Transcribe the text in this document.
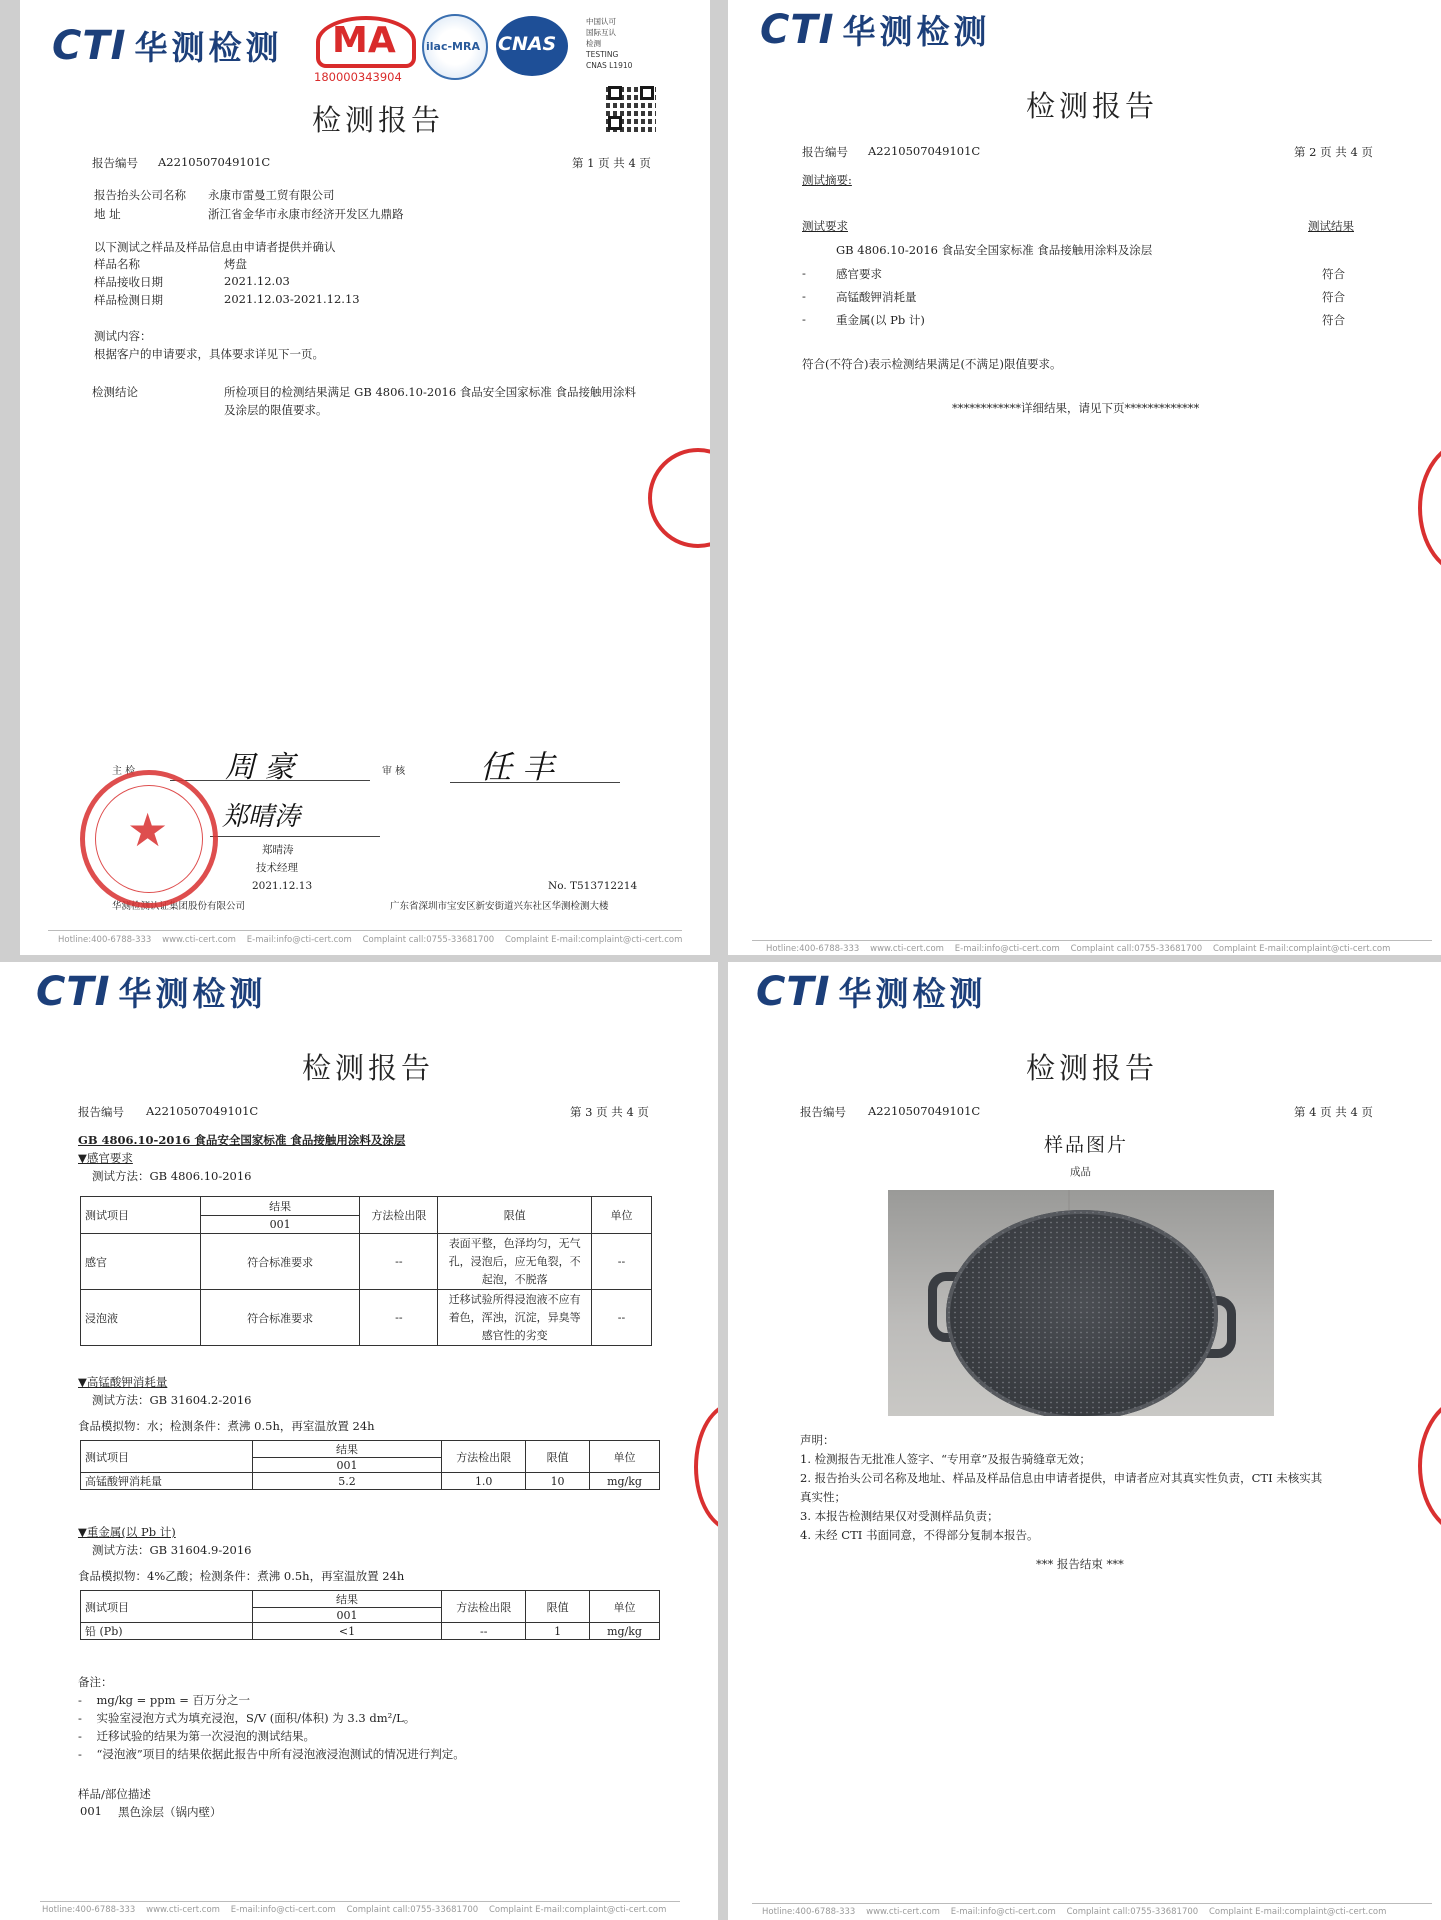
CTI 华测检测 MA
180000343904
ilac-MRA CNAS
中国认可
国际互认
检测
TESTING
CNAS L1910
检测报告
报告编号 A2210507049101C	第 1 页 共 4 页
报告抬头公司名称 永康市雷曼工贸有限公司
地 址	浙江省金华市永康市经济开发区九鼎路
以下测试之样品及样品信息由申请者提供并确认
样品名称	烤盘
样品接收日期	2021.12.03
样品检测日期	2021.12.03-2021.12.13
测试内容：
根据客户的申请要求，具体要求详见下一页。
检测结论	所检项目的检测结果满足 GB 4806.10-2016 食品安全国家标准 食品接触用涂料
及涂层的限值要求。
主 检	周 豪	审 核 任 丰
郑晴涛
郑晴涛
技术经理
2021.12.13
华测检测认证集团股份有限公司
No. T513712214
广东省深圳市宝安区新安街道兴东社区华测检测大楼
★
Hotline:400-6788-333 www.cti-cert.com E-mail:info@cti-cert.com Complaint call:0755-33681700 Complaint E-mail:complaint@cti-cert.com
CTI 华测检测
检测报告
报告编号 A2210507049101C	第 2 页 共 4 页
测试摘要:
测试要求	测试结果
GB 4806.10-2016 食品安全国家标准 食品接触用涂料及涂层
-	感官要求	符合
-	高锰酸钾消耗量	符合
-	重金属(以 Pb 计)	符合
符合(不符合)表示检测结果满足(不满足)限值要求。
************详细结果，请见下页*************
Hotline:400-6788-333 www.cti-cert.com E-mail:info@cti-cert.com Complaint call:0755-33681700 Complaint E-mail:complaint@cti-cert.com
CTI 华测检测
检测报告
报告编号 A2210507049101C	第 3 页 共 4 页
GB 4806.10-2016 食品安全国家标准 食品接触用涂料及涂层
▼感官要求
测试方法：GB 4806.10-2016
测试项目	结果	方法检出限	限值	单位
	001			
感官	符合标准要求	--	表面平整，色泽均匀，无气
孔，浸泡后，应无龟裂，不
起泡，不脱落	--
浸泡液	符合标准要求	--	迁移试验所得浸泡液不应有
着色，浑浊，沉淀，异臭等
感官性的劣变	--
▼高锰酸钾消耗量
测试方法：GB 31604.2-2016
食品模拟物：水；检测条件：煮沸 0.5h，再室温放置 24h
测试项目	结果	方法检出限	限值	单位
	001			
高锰酸钾消耗量	5.2	1.0	10	mg/kg
▼重金属(以 Pb 计)
测试方法：GB 31604.9-2016
食品模拟物：4%乙酸；检测条件：煮沸 0.5h，再室温放置 24h
测试项目	结果	方法检出限	限值	单位
	001			
铅 (Pb)	<1	--	1	mg/kg
备注：
-    mg/kg = ppm = 百万分之一
-    实验室浸泡方式为填充浸泡，S/V (面积/体积) 为 3.3 dm²/L。
-    迁移试验的结果为第一次浸泡的测试结果。
-    “浸泡液”项目的结果依据此报告中所有浸泡液浸泡测试的情况进行判定。
样品/部位描述
001 黑色涂层（锅内壁）
Hotline:400-6788-333 www.cti-cert.com E-mail:info@cti-cert.com Complaint call:0755-33681700 Complaint E-mail:complaint@cti-cert.com
CTI 华测检测
检测报告
报告编号 A2210507049101C	第 4 页 共 4 页
样品图片
成品
声明：
1. 检测报告无批准人签字、“专用章”及报告骑缝章无效；
2. 报告抬头公司名称及地址、样品及样品信息由申请者提供，申请者应对其真实性负责，CTI 未核实其
真实性；
3. 本报告检测结果仅对受测样品负责；
4. 未经 CTI 书面同意，不得部分复制本报告。
*** 报告结束 ***
Hotline:400-6788-333 www.cti-cert.com E-mail:info@cti-cert.com Complaint call:0755-33681700 Complaint E-mail:complaint@cti-cert.com
